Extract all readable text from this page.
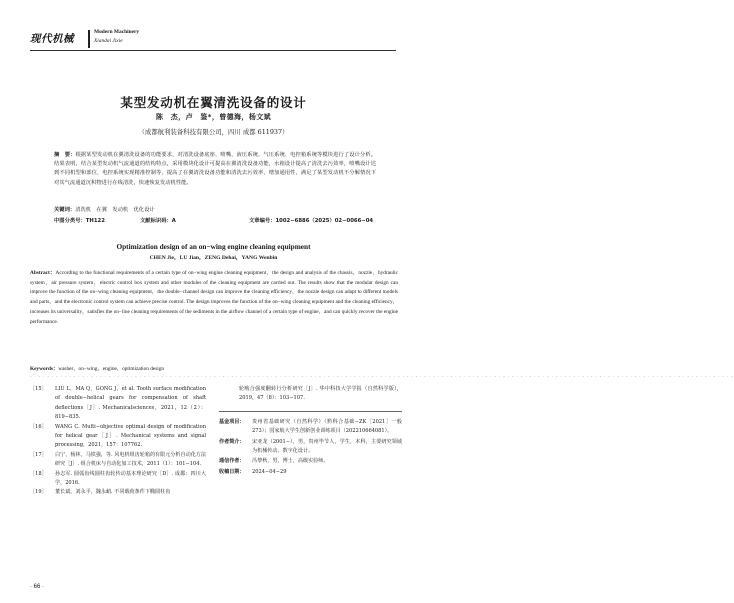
现代机械
Modern Machinery
Xiandai Jixie
某型发动机在翼清洗设备的设计
陈　杰，卢　鉴*，曾德海，杨文斌
（成都航利装备科技有限公司，四川 成都 611937）
摘　要：根据某型发动机在翼清洗设备的功能要求，对清洗设备底座、喷嘴、液压系统、气压系统、电控箱系统等模块进行了设计分析。结果表明，结合某型发动机气流通道的结构特点，采用模块化设计可提高在翼清洗设备功能，水箱设计提高了清洗去污效率，喷嘴设计达到不同机型和部位，电控系统实现精准控制等，提高了在翼清洗设备功能和清洗去污效率，增加通用性，满足了某型发动机不分解情况下对其气流通道沉积物进行在线清洗，快速恢复发动机性能。
关键词：清洗机　在翼　发动机　优化设计
中图分类号：TH122	文献标识码：A	文章编号：1002−6886（2025）02−0066−04
Optimization design of an on−wing engine cleaning equipment
CHEN Jie，LU Jian，ZENG Dehai，YANG Wenbin
Abstract：According to the functional requirements of a certain type of on−wing engine cleaning equipment，the design and analysis of the chassis，nozzle，hydraulic system，air pressure system，electric control box system and other modules of the cleaning equipment are carried out. The results show that the modular design can improve the function of the on−wing cleaning equipment，the double−channel design can improve the cleaning efficiency，the nozzle design can adapt to different models and parts，and the electronic control system can achieve precise control. The design improves the function of the on−wing cleaning equipment and the cleaning efficiency，increases its universality，satisfies the on−line cleaning requirements of the sediments in the airflow channel of a certain type of engine，and can quickly recover the engine performance.
Keywords：washer，on−wing，engine，optimization design
- · - · - · - · - · - · - · - · - · - · - · - · - · - · - · - · - · - · - · - · - · - · - · - · - · - · - · - · - · - · - · - · - · - · - · - · - · - · - · - · - · - · - · - · - · - · - · - · - · - · - · - · - · - · - · - · - · - · - · - · - · - · - · - · - · - · - · - · - · - · - · - · - · - · - · - · - · - · - · - · -
［15］ LIU L，MA Q，GONG J，et al. Tooth surface modification of double−helical gears for compensation of shaft deflections［J］. Mechanicalsciences，2021，12（2）：819−835.
［16］ WANG C. Multi−objective optimal design of modification for helical gear［J］. Mechanical systems and signal processing，2021，157：107762.
［17］ 白宁，杨林，马铁强，等. 风电机组齿轮箱的有限元分析自动化方法研究［J］. 组合机床与自动化加工技术，2011（1）：101−104.
［18］ 孙志军. 圆弧齿线圆柱齿轮传动基本理论研究［D］. 成都：四川大学，2016.
［19］ 董长斌，刘永平，魏永峭. 不同载荷条件下椭圆柱齿
轮啮合强度翻转行分析研究［J］. 华中科技大学学报（自然科学版），2019，47（8）：103−107.
基金项目： 贵州省基础研究（自然科学）（黔科合基础−ZK［2021］一般273）；国家航大学生创新创业训练项目（202210664081）。
作者简介： 宋亚龙（2001−），男，贵州毕节人，学生，本科，主要研究领域为机械传动、数字化设计。
通信作者： 冯黎秋，男，博士，高级实验师。
收稿日期： 2024−04−29
· 66 ·
